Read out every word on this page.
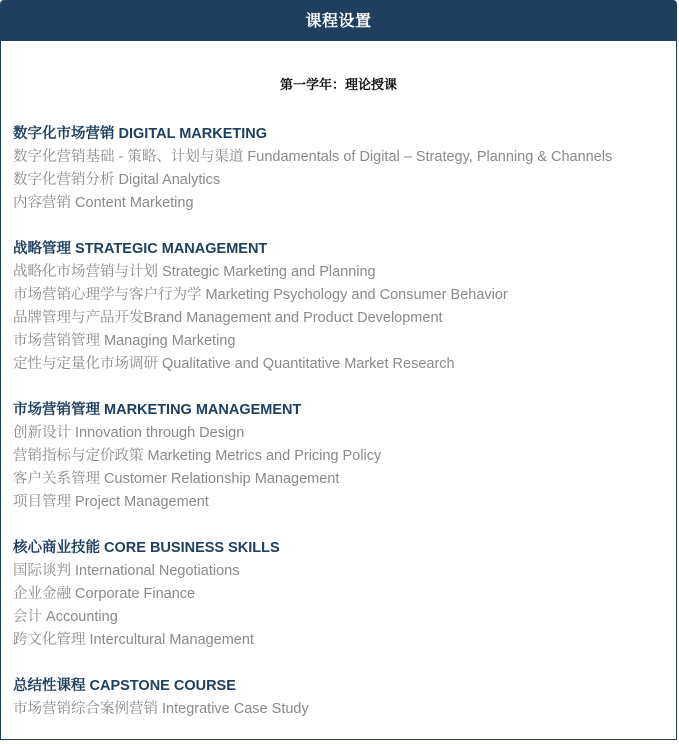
课程设置
第一学年：理论授课
数字化市场营销 DIGITAL MARKETING
数字化营销基础 - 策略、计划与渠道 Fundamentals of Digital – Strategy, Planning & Channels
数字化营销分析 Digital Analytics
内容营销 Content Marketing
战略管理 STRATEGIC MANAGEMENT
战略化市场营销与计划 Strategic Marketing and Planning
市场营销心理学与客户行为学 Marketing Psychology and Consumer Behavior
品牌管理与产品开发Brand Management and Product Development
市场营销管理 Managing Marketing
定性与定量化市场调研 Qualitative and Quantitative Market Research
市场营销管理 MARKETING MANAGEMENT
创新设计 Innovation through Design
营销指标与定价政策 Marketing Metrics and Pricing Policy
客户关系管理 Customer Relationship Management
项目管理 Project Management
核心商业技能 CORE BUSINESS SKILLS
国际谈判 International Negotiations
企业金融 Corporate Finance
会计 Accounting
跨文化管理 Intercultural Management
总结性课程 CAPSTONE COURSE
市场营销综合案例营销 Integrative Case Study
